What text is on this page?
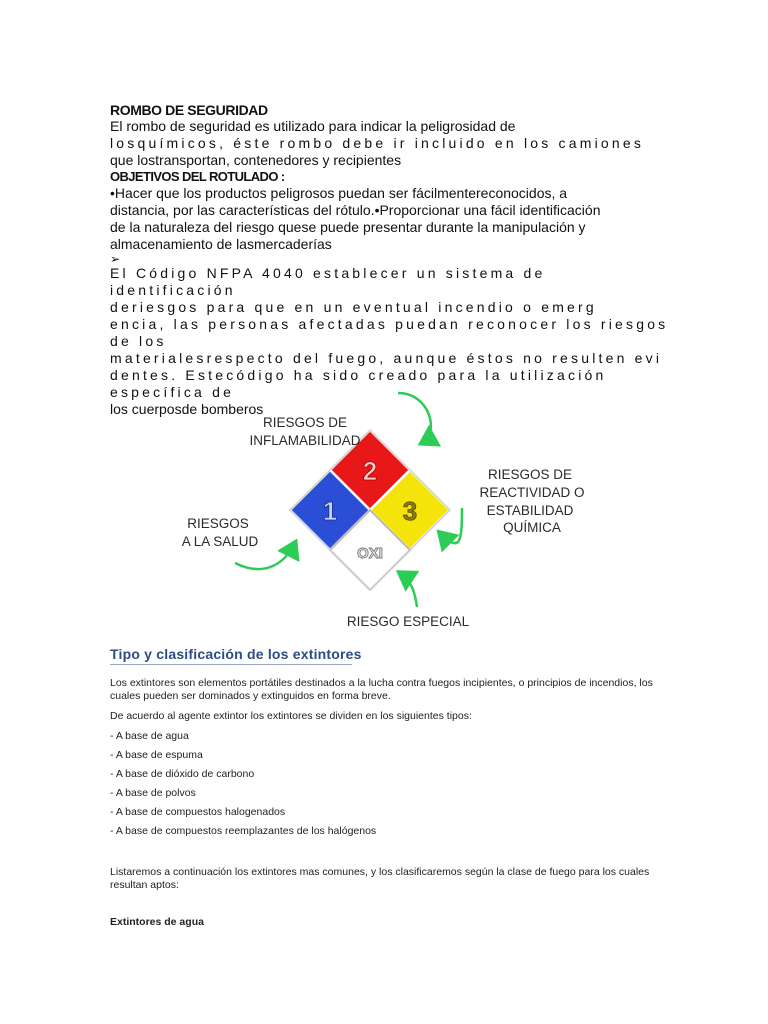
ROMBO DE SEGURIDAD
El rombo de seguridad es utilizado para indicar la peligrosidad de
losquímicos, éste rombo debe ir incluido en los camiones
que lostransportan, contenedores y recipientes
OBJETIVOS DEL ROTULADO :
•Hacer que los productos peligrosos puedan ser fácilmentereconocidos, a
distancia, por las características del rótulo.•Proporcionar una fácil identificación
de la naturaleza del riesgo quese puede presentar durante la manipulación y
almacenamiento de lasmercaderías
➢
El Código NFPA 4040 establecer un sistema de identificación
deriesgos para que en un eventual incendio o emerg
encia, las personas afectadas puedan reconocer los riesgos de los
materialesrespecto del fuego, aunque éstos no resulten evi
dentes. Estecódigo ha sido creado para la utilización específica de
los cuerposde bomberos
2
1	3
OXI
RIESGOS DE
INFLAMABILIDAD
RIESGOS DE
REACTIVIDAD O
ESTABILIDAD
QUÍMICA
RIESGOS
A LA SALUD
RIESGO ESPECIAL
Tipo y clasificación de los extintores
Los extintores son elementos portátiles destinados a la lucha contra fuegos incipientes, o principios de incendios, los cuales pueden ser dominados y extinguidos en forma breve.
De acuerdo al agente extintor los extintores se dividen en los siguientes tipos:
- A base de agua
- A base de espuma
- A base de dióxido de carbono
- A base de polvos
- A base de compuestos halogenados
- A base de compuestos reemplazantes de los halógenos
Listaremos a continuación los extintores mas comunes, y los clasificaremos según la clase de fuego para los cuales resultan aptos:
Extintores de agua
